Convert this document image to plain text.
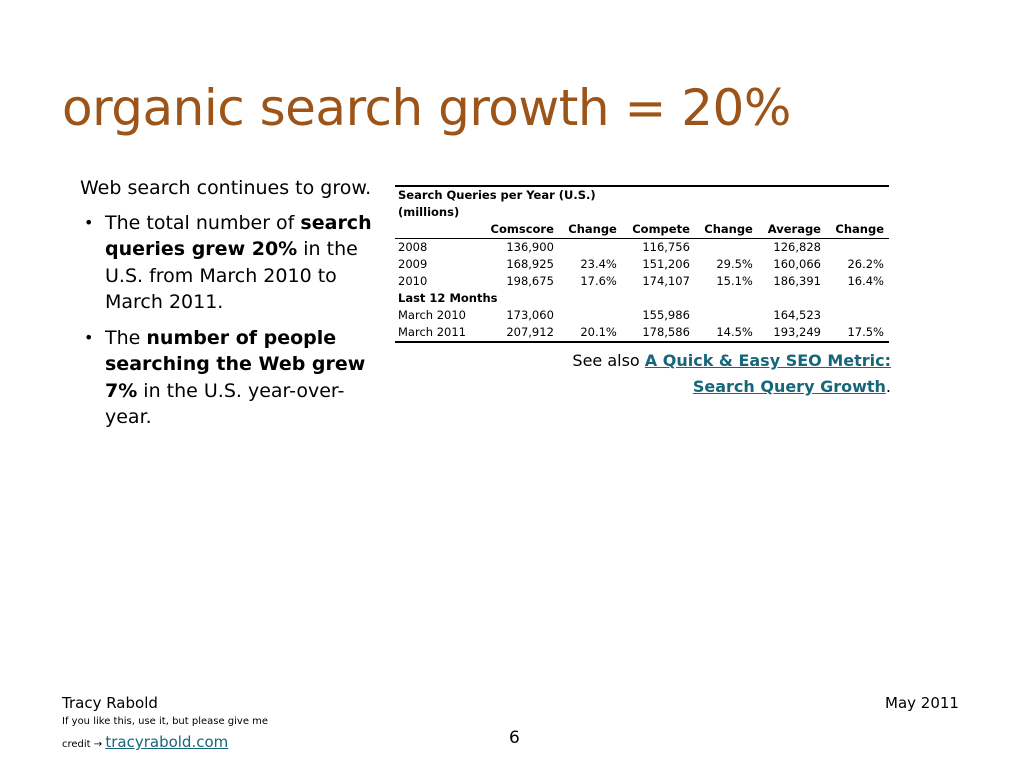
organic search growth = 20%

Web search continues to grow.

• The total number of search queries grew 20% in the U.S. from March 2010 to March 2011.
• The number of people searching the Web grew 7% in the U.S. year-over-year.
Search Queries per Year (U.S.)						
(millions)						
	Comscore	Change	Compete	Change	Average	Change
2008	136,900		116,756		126,828	
2009	168,925	23.4%	151,206	29.5%	160,066	26.2%
2010	198,675	17.6%	174,107	15.1%	186,391	16.4%
Last 12 Months						
March 2010	173,060		155,986		164,523	
March 2011	207,912	20.1%	178,586	14.5%	193,249	17.5%
See also A Quick & Easy SEO Metric: Search Query Growth.
Tracy Rabold
If you like this, use it, but please give me
credit → tracyrabold.com	6
May 2011
